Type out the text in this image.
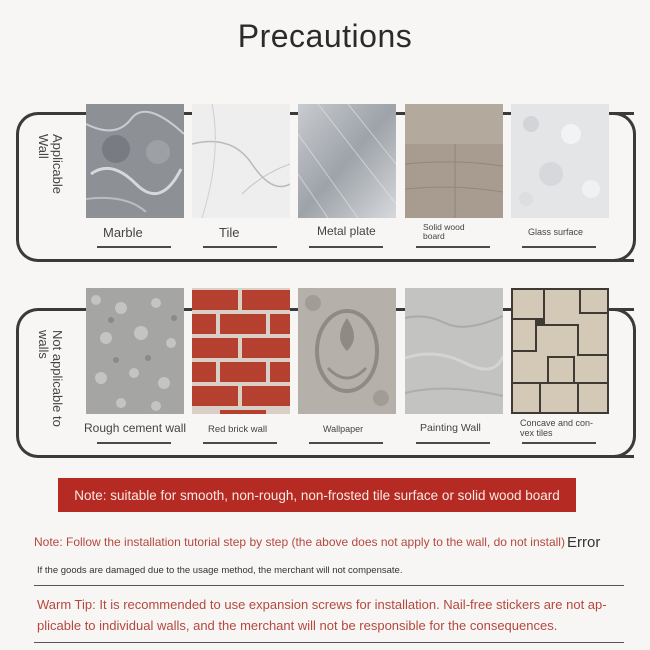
Precautions
Applicable Wall
Marble	Tile	Metal plate	Solid wood board	Glass surface
Not applicable to walls
Rough cement wall Red brick wall	Wallpaper	Painting Wall	Concave and con-vex tiles
Note: suitable for smooth, non-rough, non-frosted tile surface or solid wood board
Note: Follow the installation tutorial step by step (the above does not apply to the wall, do not install) Error
If the goods are damaged due to the usage method, the merchant will not compensate.
Warm Tip: It is recommended to use expansion screws for installation. Nail-free stickers are not ap-plicable to individual walls, and the merchant will not be responsible for the consequences.
